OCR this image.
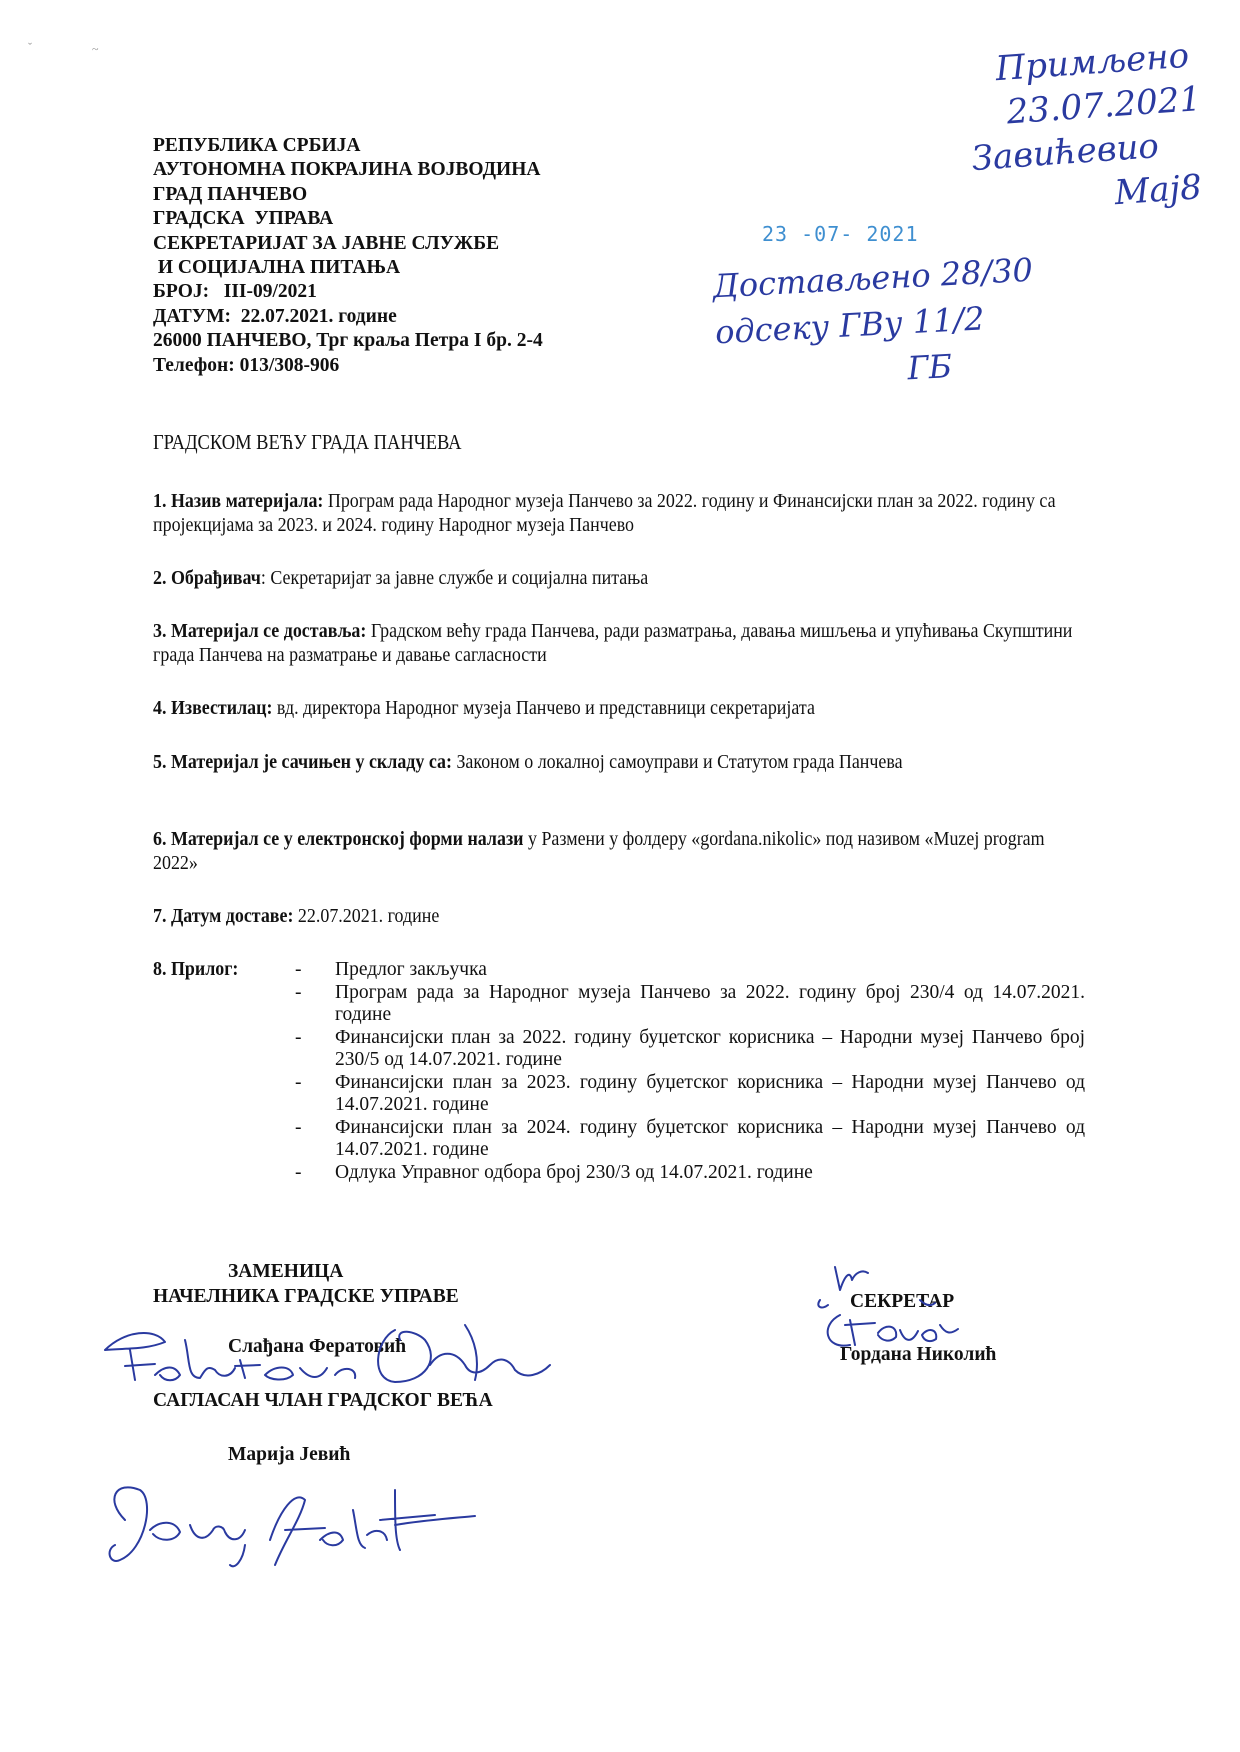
ˇ	~
РЕПУБЛИКА СРБИЈА
АУТОНОМНА ПОКРАЈИНА ВОЈВОДИНА
ГРАД ПАНЧЕВО
ГРАДСКА  УПРАВА
СЕКРЕТАРИЈАТ ЗА ЈАВНЕ СЛУЖБЕ
И СОЦИЈАЛНА ПИТАЊА
БРОЈ:   III-09/2021
ДАТУМ:  22.07.2021. године
26000 ПАНЧЕВО, Трг краља Петра I бр. 2-4
Телефон: 013/308-906
Примљено
23.07.2021
Завићевио
Мај8
23 -07- 2021
Достављено 28/30
одсеку ГВу 11/2
ГБ
ГРАДСКОМ ВЕЋУ ГРАДА ПАНЧЕВА
1. Назив материјала: Програм рада Народног музеја Панчево за 2022. годину и Финансијски план за 2022. годину са пројекцијама за 2023. и 2024. годину Народног музеја Панчево
2. Обрађивач: Секретаријат за јавне службе и социјална питања
3. Материјал се доставља: Градском већу града Панчева, ради разматрања, давања мишљења и упућивања Скупштини града Панчева на разматрање и давање сагласности
4. Известилац: вд. директора Народног музеја Панчево и представници секретаријата
5. Материјал је сачињен у складу са: Законом о локалној самоуправи и Статутом града Панчева
6. Материјал се у електронској форми налази у Размени у фолдеру «gordana.nikolic» под називом «Muzej program 2022»
7. Датум доставе: 22.07.2021. године
8. Прилог:	-	Предлог закључка
-	Програм рада за Народног музеја Панчево за 2022. годину број 230/4 од 14.07.2021. године
-	Финансијски план за 2022. годину буџетског корисника – Народни музеј Панчево број 230/5 од 14.07.2021. године
-	Финансијски план за 2023. годину буџетског корисника – Народни музеј Панчево од 14.07.2021. године
-	Финансијски план за 2024. годину буџетског корисника – Народни музеј Панчево од 14.07.2021. године
-	Одлука Управног одбора број 230/3 од 14.07.2021. године
ЗАМЕНИЦА
НАЧЕЛНИКА ГРАДСКЕ УПРАВЕ
Слађана Ферaтовић
САГЛАСАН ЧЛАН ГРАДСКОГ ВЕЋА
Марија Јевић
СЕКРЕТАР
Гордана Николић
